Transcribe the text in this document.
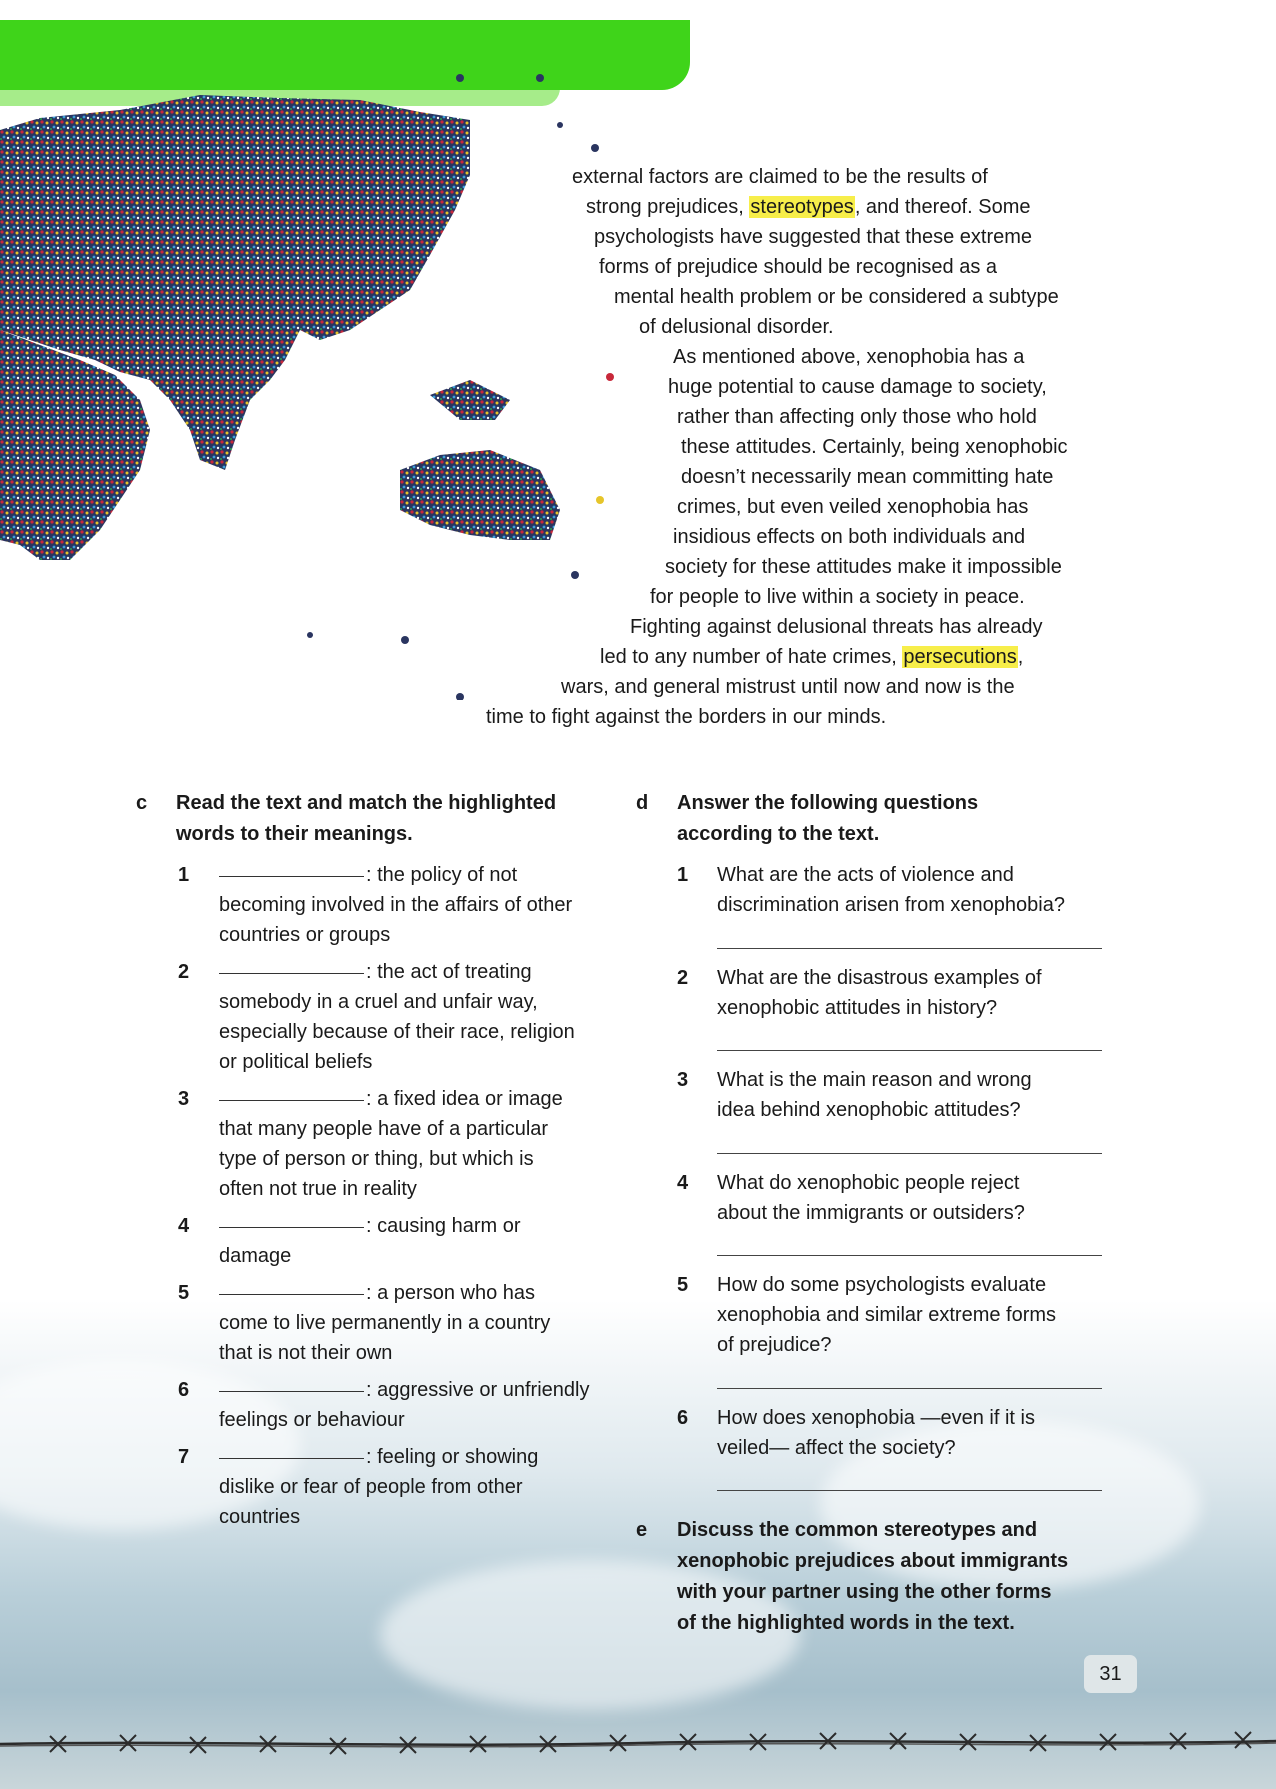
external factors are claimed to be the results of
strong prejudices, stereotypes, and thereof. Some
psychologists have suggested that these extreme
forms of prejudice should be recognised as a
mental health problem or be considered a subtype
of delusional disorder.
As mentioned above, xenophobia has a
huge potential to cause damage to society,
rather than affecting only those who hold
these attitudes. Certainly, being xenophobic
doesn’t necessarily mean committing hate
crimes, but even veiled xenophobia has
insidious effects on both individuals and
society for these attitudes make it impossible
for people to live within a society in peace.
Fighting against delusional threats has already
led to any number of hate crimes, persecutions,
wars, and general mistrust until now and now is the
time to fight against the borders in our minds.
c Read the text and match the highlighted
words to their meanings.
1	: the policy of not
becoming involved in the affairs of other
countries or groups
2	: the act of treating
somebody in a cruel and unfair way,
especially because of their race, religion
or political beliefs
3	: a fixed idea or image
that many people have of a particular
type of person or thing, but which is
often not true in reality
4	: causing harm or
damage
5	: a person who has
come to live permanently in a country
that is not their own
6	: aggressive or unfriendly
feelings or behaviour
7	: feeling or showing
dislike or fear of people from other
countries
d Answer the following questions
according to the text.
1 What are the acts of violence and
discrimination arisen from xenophobia?
2 What are the disastrous examples of
xenophobic attitudes in history?
3 What is the main reason and wrong
idea behind xenophobic attitudes?
4 What do xenophobic people reject
about the immigrants or outsiders?
5 How do some psychologists evaluate
xenophobia and similar extreme forms
of prejudice?
6 How does xenophobia —even if it is
veiled— affect the society?
e Discuss the common stereotypes and
xenophobic prejudices about immigrants
with your partner using the other forms
of the highlighted words in the text.
31
